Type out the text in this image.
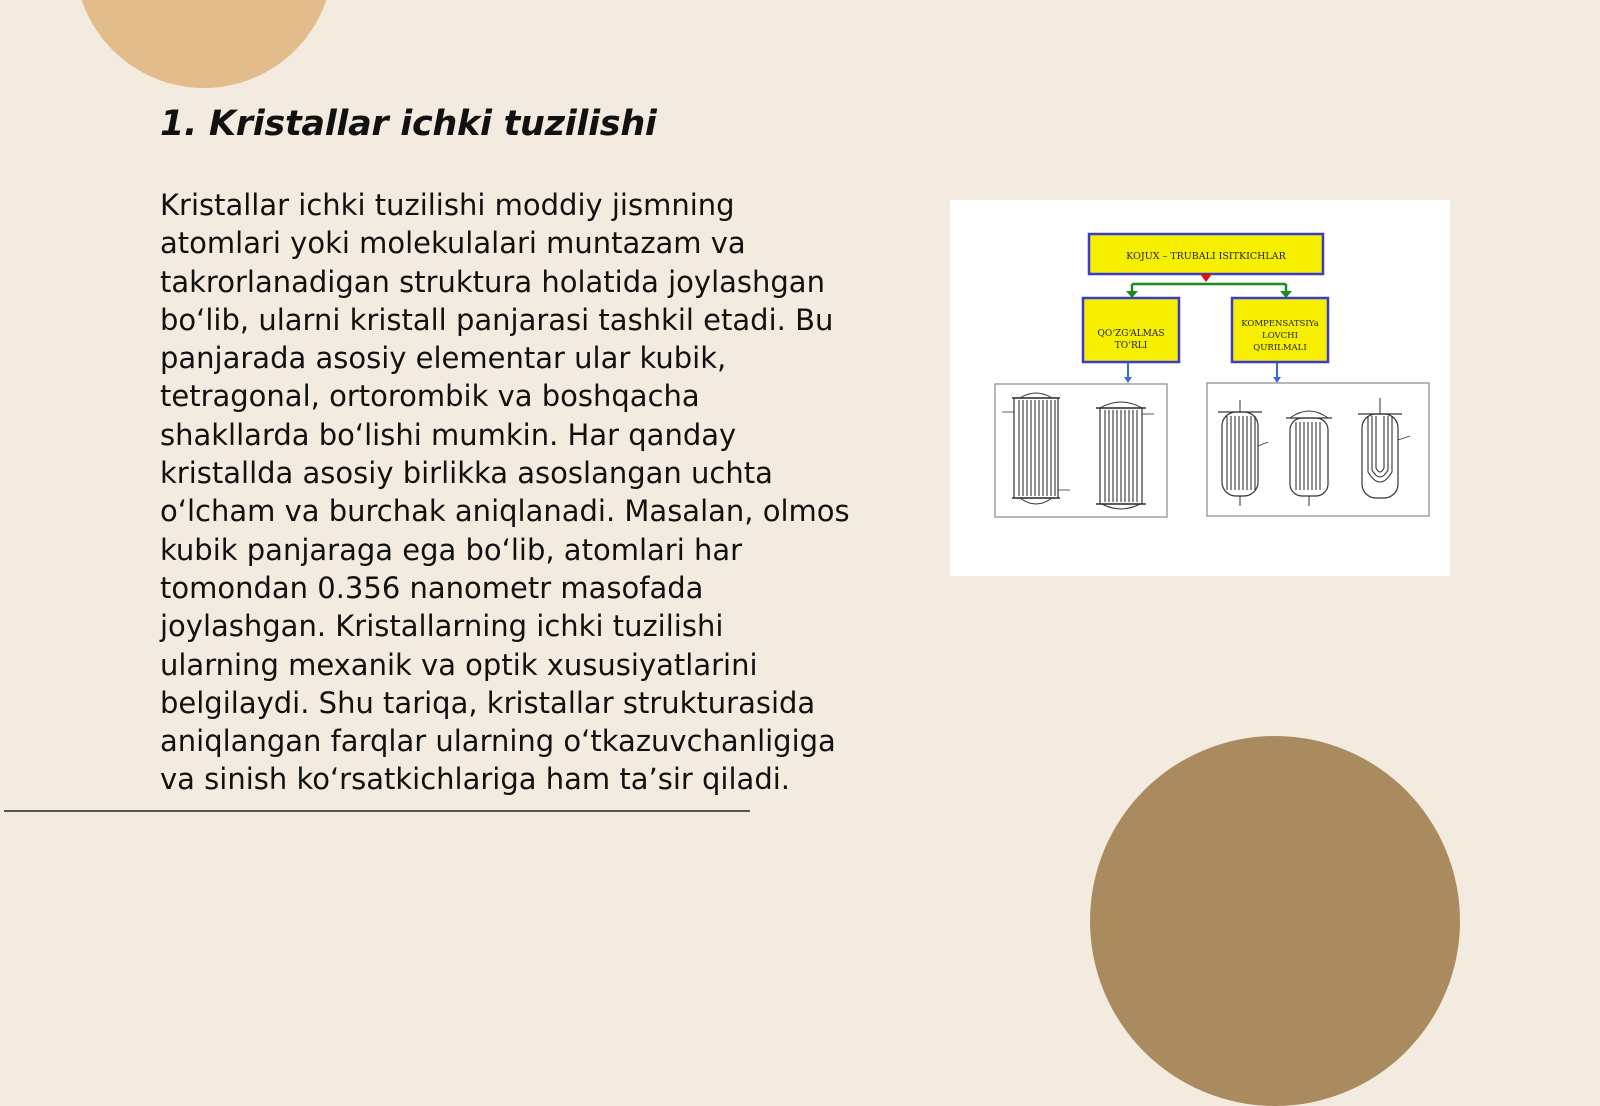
1. Kristallar ichki tuzilishi

Kristallar ichki tuzilishi moddiy jismning atomlari yoki molekulalari muntazam va takrorlanadigan struktura holatida joylashgan boʻlib, ularni kristall panjarasi tashkil etadi. Bu panjarada asosiy elementar ular kubik, tetragonal, ortorombik va boshqacha shakllarda boʻlishi mumkin. Har qanday kristallda asosiy birlikka asoslangan uchta oʻlcham va burchak aniqlanadi. Masalan, olmos kubik panjaraga ega boʻlib, atomlari har tomondan 0.356 nanometr masofada joylashgan. Kristallarning ichki tuzilishi ularning mexanik va optik xususiyatlarini belgilaydi. Shu tariqa, kristallar strukturasida aniqlangan farqlar ularning oʻtkazuvchanligiga va sinish koʻrsatkichlariga ham taʼsir qiladi.

KOJUX – TRUBALI ISITKICHLAR
QO‘ZG‘ALMAS
TO‘RLI
KOMPENSATSIYa
LOVCHI
QURILMALI
